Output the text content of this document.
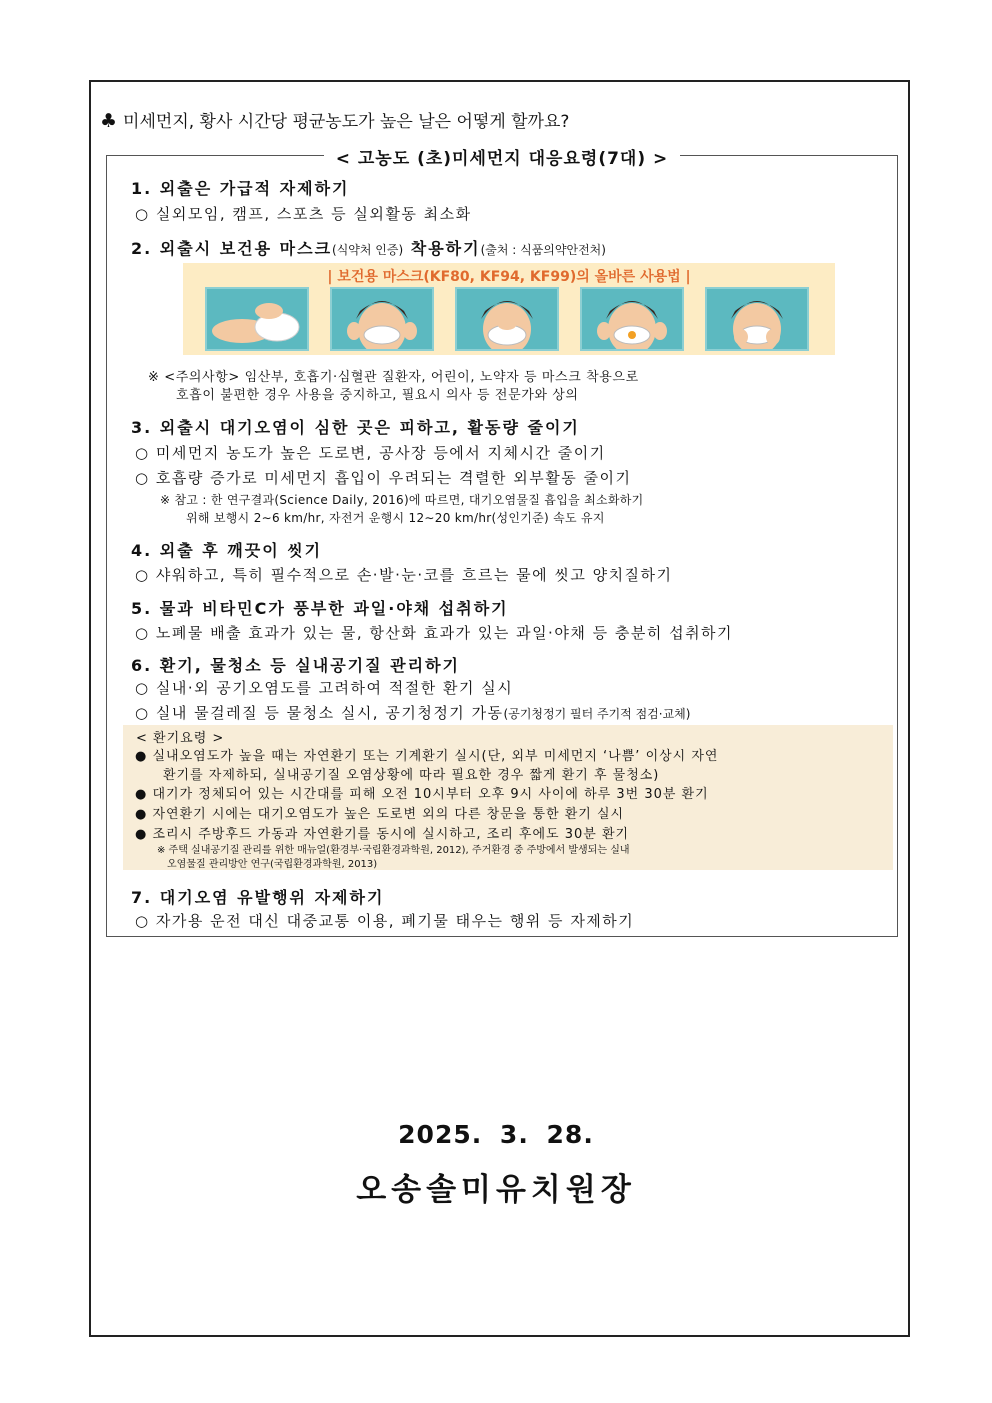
♣ 미세먼지, 황사 시간당 평균농도가 높은 날은 어떻게 할까요?
< 고농도 (초)미세먼지 대응요령(7대) >
1. 외출은 가급적 자제하기
○ 실외모임, 캠프, 스포츠 등 실외활동 최소화
2. 외출시 보건용 마스크(식약처 인증) 착용하기(출처 : 식품의약안전처)
| 보건용 마스크(KF80, KF94, KF99)의 올바른 사용법 |
※ <주의사항> 임산부, 호흡기·심혈관 질환자, 어린이, 노약자 등 마스크 착용으로
호흡이 불편한 경우 사용을 중지하고, 필요시 의사 등 전문가와 상의
3. 외출시 대기오염이 심한 곳은 피하고, 활동량 줄이기
○ 미세먼지 농도가 높은 도로변, 공사장 등에서 지체시간 줄이기
○ 호흡량 증가로 미세먼지 흡입이 우려되는 격렬한 외부활동 줄이기
※ 참고 : 한 연구결과(Science Daily, 2016)에 따르면, 대기오염물질 흡입을 최소화하기
위해 보행시 2∼6 km/hr, 자전거 운행시 12∼20 km/hr(성인기준) 속도 유지
4. 외출 후 깨끗이 씻기
○ 샤워하고, 특히 필수적으로 손·발·눈·코를 흐르는 물에 씻고 양치질하기
5. 물과 비타민C가 풍부한 과일·야채 섭취하기
○ 노폐물 배출 효과가 있는 물, 항산화 효과가 있는 과일·야채 등 충분히 섭취하기
6. 환기, 물청소 등 실내공기질 관리하기
○ 실내·외 공기오염도를 고려하여 적절한 환기 실시
○ 실내 물걸레질 등 물청소 실시, 공기청정기 가동(공기청정기 필터 주기적 점검·교체)
< 환기요령 >
● 실내오염도가 높을 때는 자연환기 또는 기계환기 실시(단, 외부 미세먼지 ‘나쁨’ 이상시 자연
환기를 자제하되, 실내공기질 오염상황에 따라 필요한 경우 짧게 환기 후 물청소)
● 대기가 정체되어 있는 시간대를 피해 오전 10시부터 오후 9시 사이에 하루 3번 30분 환기
● 자연환기 시에는 대기오염도가 높은 도로변 외의 다른 창문을 통한 환기 실시
● 조리시 주방후드 가동과 자연환기를 동시에 실시하고, 조리 후에도 30분 환기
※ 주택 실내공기질 관리를 위한 매뉴얼(환경부·국립환경과학원, 2012), 주거환경 중 주방에서 발생되는 실내
오염물질 관리방안 연구(국립환경과학원, 2013)
7. 대기오염 유발행위 자제하기
○ 자가용 운전 대신 대중교통 이용, 폐기물 태우는 행위 등 자제하기
2025. 3. 28.
오송솔미유치원장
